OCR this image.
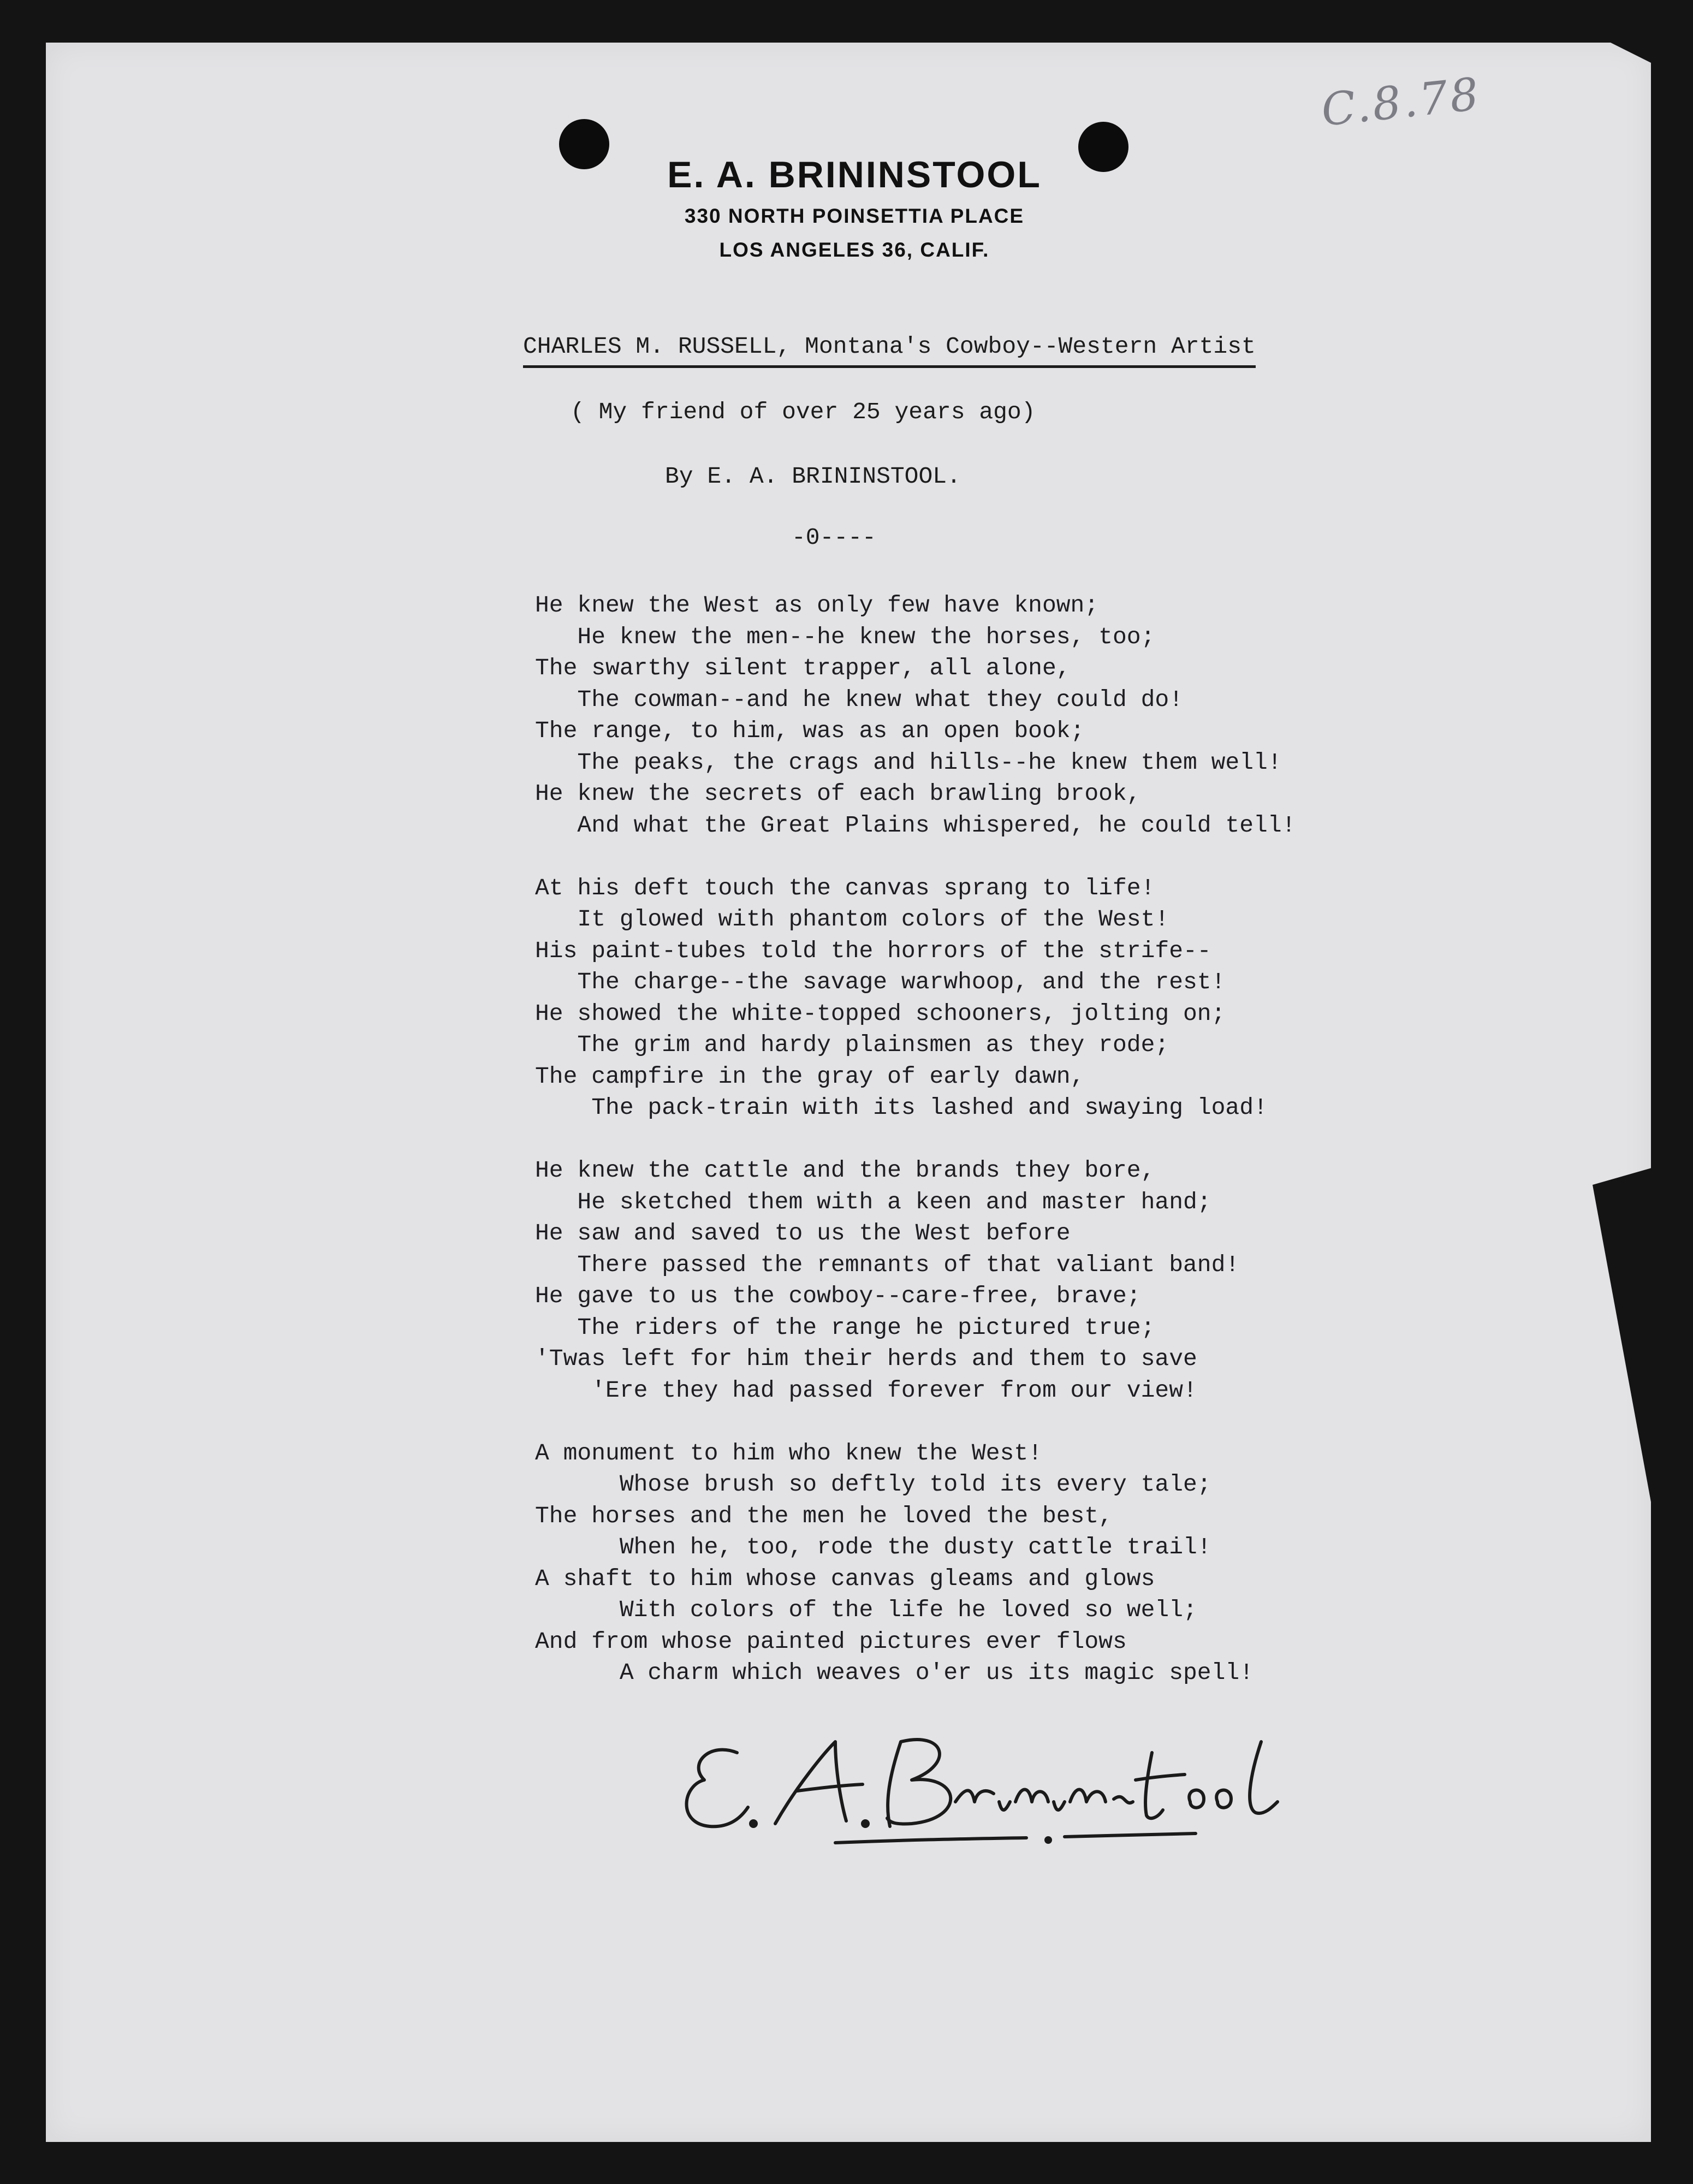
C.8.78
E. A. BRININSTOOL
330 NORTH POINSETTIA PLACE
LOS ANGELES 36, CALIF.
CHARLES M. RUSSELL, Montana's Cowboy--Western Artist
( My friend of over 25 years ago)
By E. A. BRININSTOOL.
-0----
He knew the West as only few have known;
He knew the men--he knew the horses, too;
The swarthy silent trapper, all alone,
The cowman--and he knew what they could do!
The range, to him, was as an open book;
The peaks, the crags and hills--he knew them well!
He knew the secrets of each brawling brook,
And what the Great Plains whispered, he could tell!
At his deft touch the canvas sprang to life!
It glowed with phantom colors of the West!
His paint-tubes told the horrors of the strife--
The charge--the savage warwhoop, and the rest!
He showed the white-topped schooners, jolting on;
The grim and hardy plainsmen as they rode;
The campfire in the gray of early dawn,
The pack-train with its lashed and swaying load!
He knew the cattle and the brands they bore,
He sketched them with a keen and master hand;
He saw and saved to us the West before
There passed the remnants of that valiant band!
He gave to us the cowboy--care-free, brave;
The riders of the range he pictured true;
'Twas left for him their herds and them to save
'Ere they had passed forever from our view!
A monument to him who knew the West!
Whose brush so deftly told its every tale;
The horses and the men he loved the best,
When he, too, rode the dusty cattle trail!
A shaft to him whose canvas gleams and glows
With colors of the life he loved so well;
And from whose painted pictures ever flows
A charm which weaves o'er us its magic spell!
